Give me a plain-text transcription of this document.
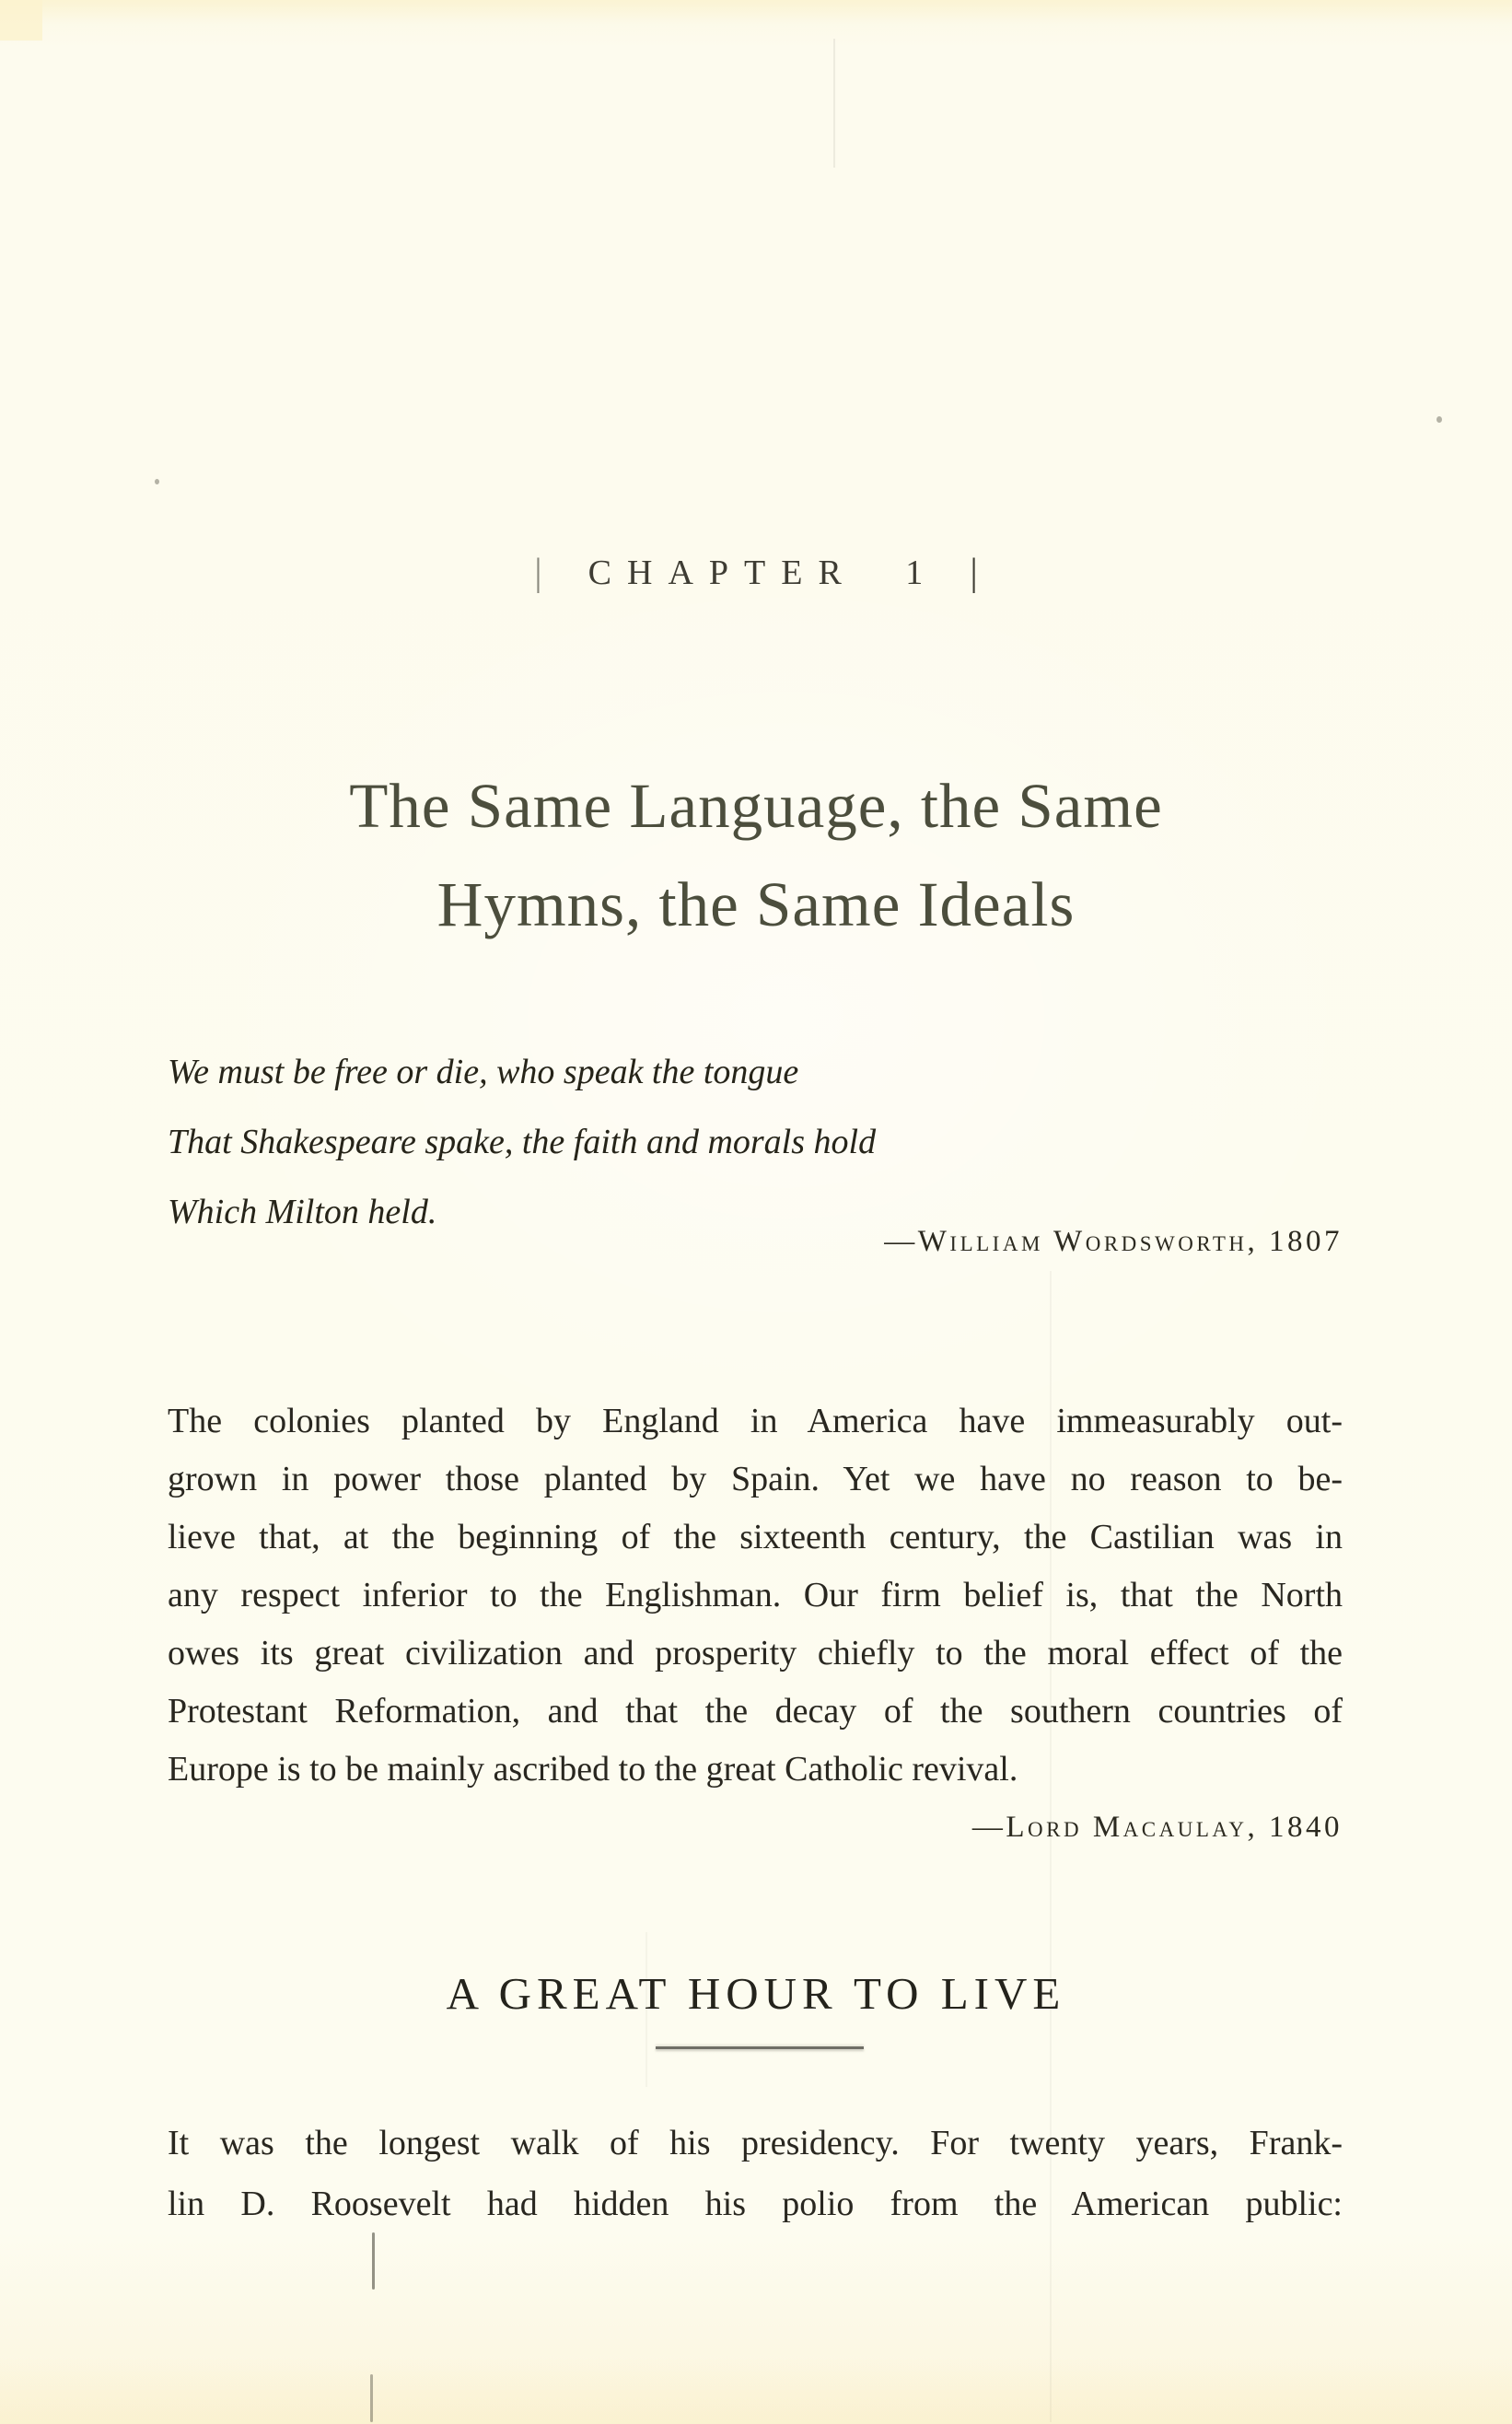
| CHAPTER 1 |
The Same Language, the Same
Hymns, the Same Ideals
We must be free or die, who speak the tongue
That Shakespeare spake, the faith and morals hold
Which Milton held.

—William Wordsworth, 1807

The colonies planted by England in America have immeasurably out-
grown in power those planted by Spain. Yet we have no reason to be-
lieve that, at the beginning of the sixteenth century, the Castilian was in
any respect inferior to the Englishman. Our firm belief is, that the North
owes its great civilization and prosperity chiefly to the moral effect of the
Protestant Reformation, and that the decay of the southern countries of
Europe is to be mainly ascribed to the great Catholic revival.

—Lord Macaulay, 1840

A GREAT HOUR TO LIVE
It was the longest walk of his presidency. For twenty years, Frank-
lin D. Roosevelt had hidden his polio from the American public:
